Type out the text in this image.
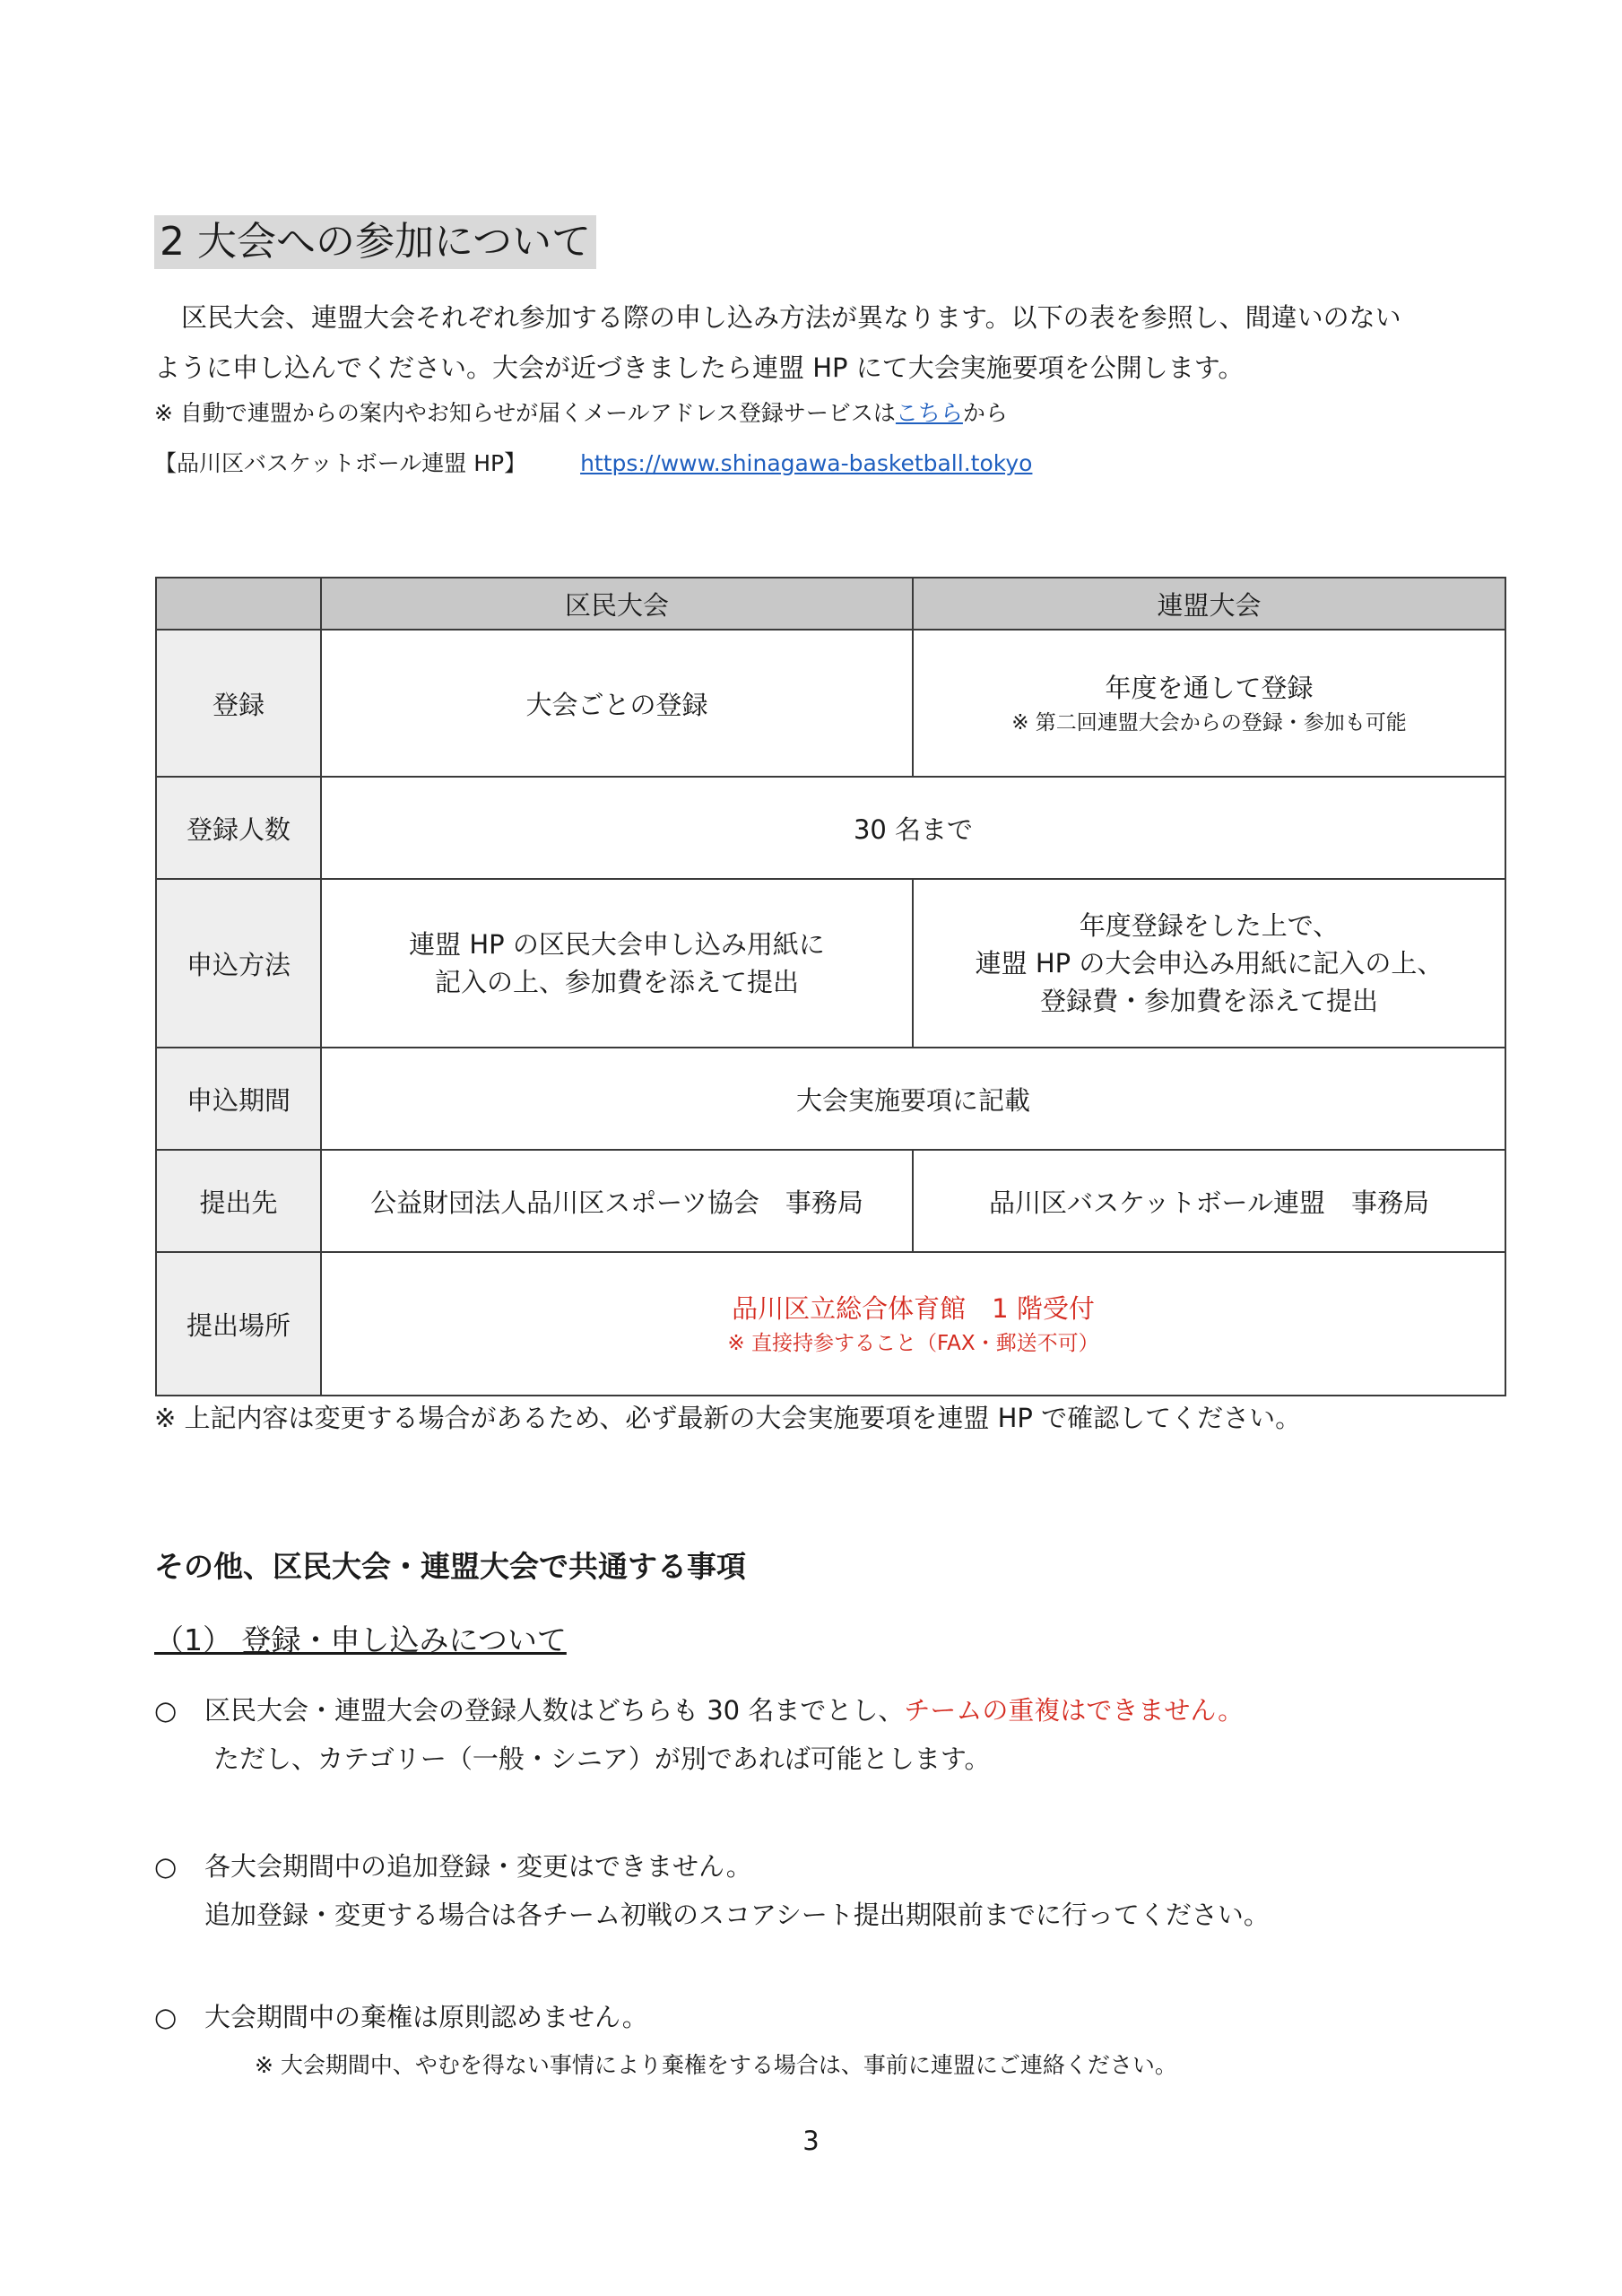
2 大会への参加について

区民大会、連盟大会それぞれ参加する際の申し込み方法が異なります。以下の表を参照し、間違いのない

ように申し込んでください。大会が近づきましたら連盟 HP にて大会実施要項を公開します。

※ 自動で連盟からの案内やお知らせが届くメールアドレス登録サービスはこちらから
【品川区バスケットボール連盟 HP】 https://www.shinagawa-basketball.tokyo
	区民大会	連盟大会
登録	大会ごとの登録	年度を通して登録
※ 第二回連盟大会からの登録・参加も可能

登録人数	30 名まで	
申込方法	連盟 HP の区民大会申し込み用紙に
記入の上、参加費を添えて提出	年度登録をした上で、
連盟 HP の大会申込み用紙に記入の上、
登録費・参加費を添えて提出

申込期間	大会実施要項に記載	
提出先	公益財団法人品川区スポーツ協会　事務局	品川区バスケットボール連盟　事務局
提出場所	品川区立総合体育館　1 階受付
※ 直接持参すること（FAX・郵送不可）	
※ 上記内容は変更する場合があるため、必ず最新の大会実施要項を連盟 HP で確認してください。
その他、区民大会・連盟大会で共通する事項
（1） 登録・申し込みについて
○ 区民大会・連盟大会の登録人数はどちらも 30 名までとし、チームの重複はできません。
ただし、カテゴリー（一般・シニア）が別であれば可能とします。
○ 各大会期間中の追加登録・変更はできません。
追加登録・変更する場合は各チーム初戦のスコアシート提出期限前までに行ってください。
○ 大会期間中の棄権は原則認めません。
※ 大会期間中、やむを得ない事情により棄権をする場合は、事前に連盟にご連絡ください。
3
